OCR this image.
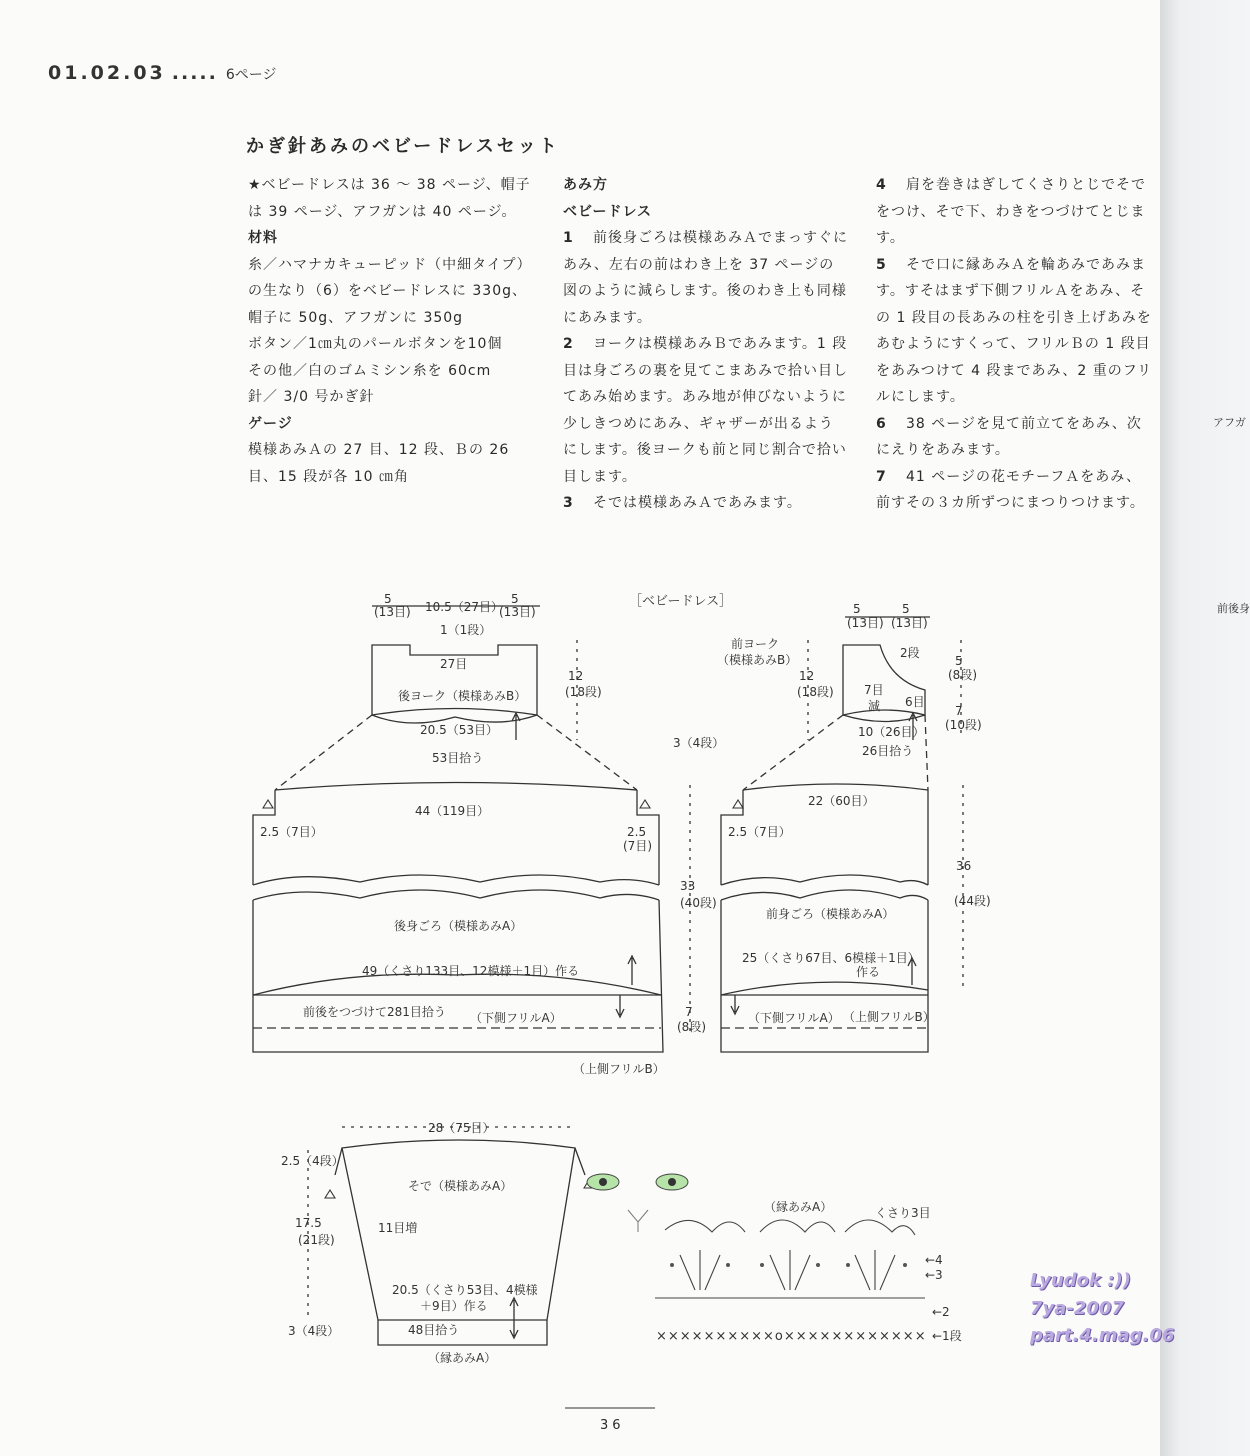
アフガ
前後身
01.02.03 ..... 6ページ
かぎ針あみのベビードレスセット

★ベビードレスは 36 ～ 38 ページ、帽子は 39 ページ、アフガンは 40 ページ。

材料

糸／ハマナカキューピッド（中細タイプ）の生なり（6）をベビードレスに 330g、帽子に 50g、アフガンに 350g

ボタン／1㎝丸のパールボタンを10個

その他／白のゴムミシン糸を 60cm

針／ 3/0 号かぎ針

ゲージ

模様あみＡの 27 目、12 段、Ｂの 26 目、15 段が各 10 ㎝角

あみ方

ベビードレス

1 前後身ごろは模様あみＡでまっすぐにあみ、左右の前はわき上を 37 ページの図のように減らします。後のわき上も同様にあみます。

2 ヨークは模様あみＢであみます。1 段目は身ごろの裏を見てこまあみで拾い目してあみ始めます。あみ地が伸びないように少しきつめにあみ、ギャザーが出るようにします。後ヨークも前と同じ割合で拾い目します。

3 そでは模様あみＡであみます。

4 肩を巻きはぎしてくさりとじでそでをつけ、そで下、わきをつづけてとじます。

5 そで口に縁あみＡを輪あみであみます。すそはまず下側フリルＡをあみ、その 1 段目の長あみの柱を引き上げあみをあむようにすくって、フリルＢの 1 段目をあみつけて 4 段まであみ、2 重のフリルにします。

6 38 ページを見て前立てをあみ、次にえりをあみます。

7 41 ページの花モチーフＡをあみ、前すその３カ所ずつにまつりつけます。

［ベビードレス］
5
(13目) 10.5（27目）
5
(13目)
1（1段）
27目
後ヨーク（模様あみB）
12
(18段)
20.5（53目）
53目拾う
5
(13目)
5
(13目)
前ヨーク
（模様あみB）
12
(18段)
2段
7目
減 6目
10（26目）
26目拾う
5
(8段)
7
(10段)
44（119目）
2.5（7目）	2.5
(7目)
後身ごろ（模様あみA）
49（くさり133目、12模様＋1目）作る
前後をつづけて281目拾う （下側フリルA）
（上側フリルB）
3（4段）
33
(40段)
7
(8段)
22（60目）
2.5（7目）
前身ごろ（模様あみA）
25（くさり67目、6模様＋1目）
作る
（下側フリルA） （上側フリルB）
36
(44段)
28（75目）
2.5（4段）
そで（模様あみA）
11目増
17.5
(21段)
20.5（くさり53目、4模様
＋9目）作る
48目拾う
3（4段）
（縁あみA）
（縁あみA）	くさり3目
←4
←3
←2
←1段
××××××××××o××××××××××××
Lyudok :))
7ya-2007
part.4.mag.06
36
